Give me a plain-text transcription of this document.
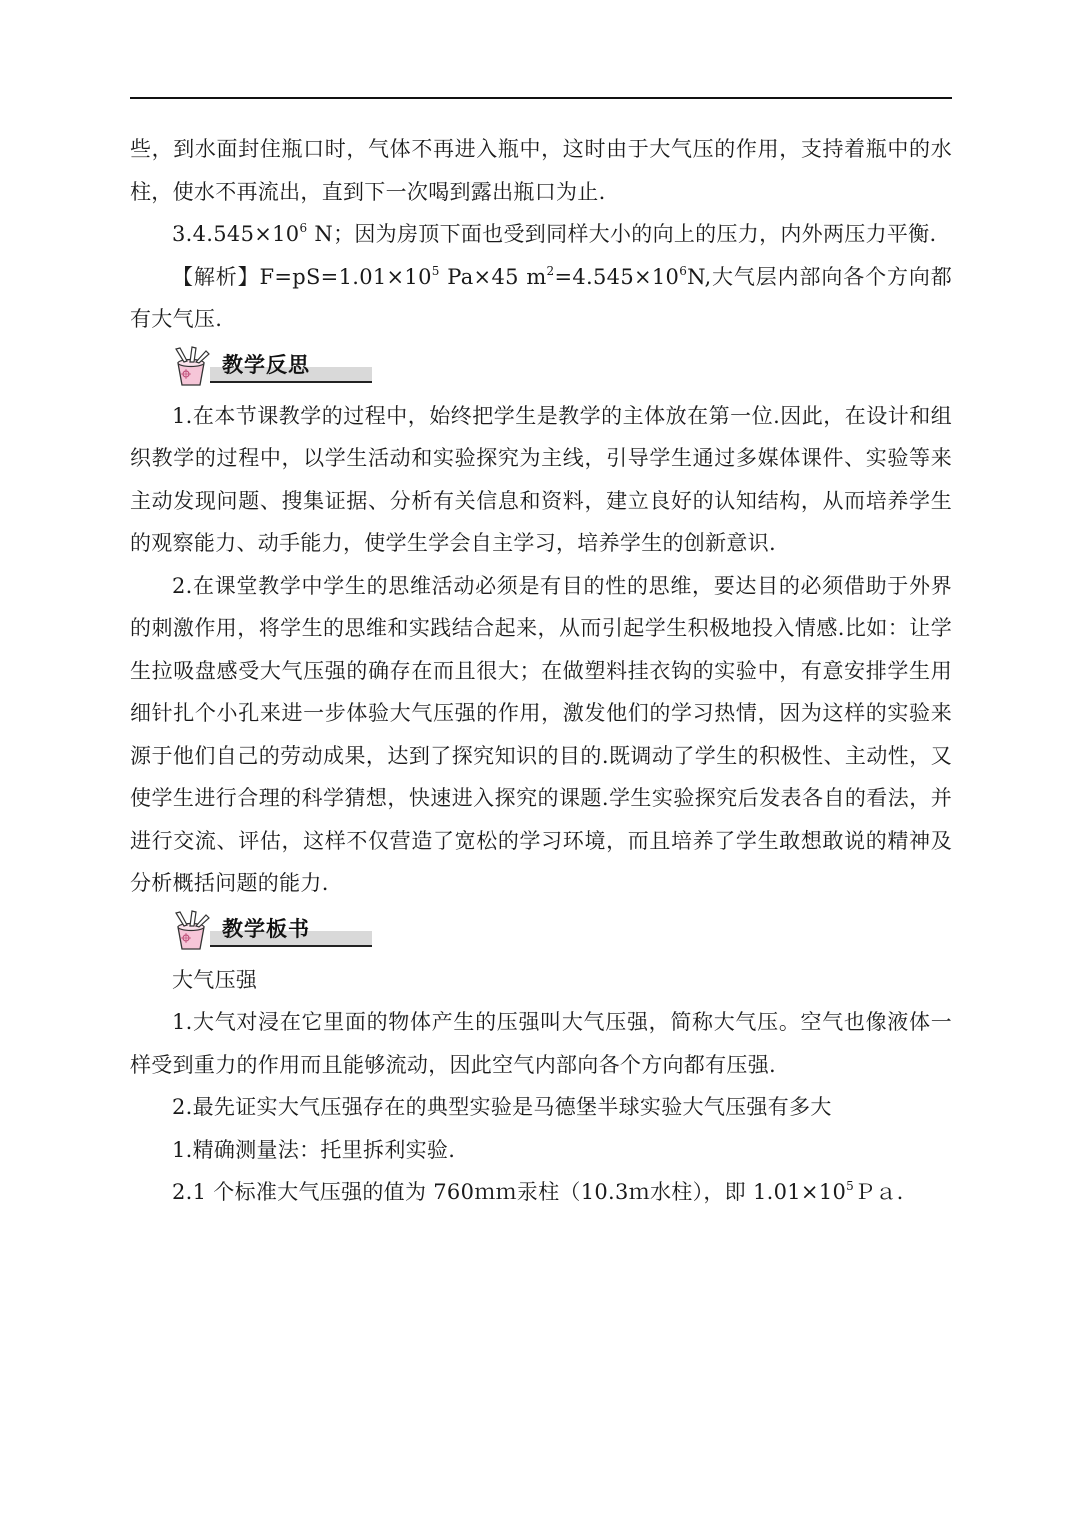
些，到水面封住瓶口时，气体不再进入瓶中，这时由于大气压的作用，支持着瓶中的水柱，使水不再流出，直到下一次喝到露出瓶口为止.

$3.4.545\times 10^6$ N；因为房顶下面也受到同样大小的向上的压力，内外两压力平衡.

【解析】$F=pS=1.01\times 10^5$ Pa×45 $m^2=4.545\times 10^6N$,大气层内部向各个方向都有大气压.

教学反思

1.在本节课教学的过程中，始终把学生是教学的主体放在第一位.因此，在设计和组织教学的过程中，以学生活动和实验探究为主线，引导学生通过多媒体课件、实验等来主动发现问题、搜集证据、分析有关信息和资料，建立良好的认知结构，从而培养学生的观察能力、动手能力，使学生学会自主学习，培养学生的创新意识.

2.在课堂教学中学生的思维活动必须是有目的性的思维，要达目的必须借助于外界的刺激作用，将学生的思维和实践结合起来，从而引起学生积极地投入情感.比如：让学生拉吸盘感受大气压强的确存在而且很大；在做塑料挂衣钩的实验中，有意安排学生用细针扎个小孔来进一步体验大气压强的作用，激发他们的学习热情，因为这样的实验来源于他们自己的劳动成果，达到了探究知识的目的.既调动了学生的积极性、主动性，又使学生进行合理的科学猜想，快速进入探究的课题.学生实验探究后发表各自的看法，并进行交流、评估，这样不仅营造了宽松的学习环境，而且培养了学生敢想敢说的精神及分析概括问题的能力.

教学板书

大气压强

1.大气对浸在它里面的物体产生的压强叫大气压强，简称大气压。空气也像液体一样受到重力的作用而且能够流动，因此空气内部向各个方向都有压强.

2.最先证实大气压强存在的典型实验是马德堡半球实验大气压强有多大

1.精确测量法：托里拆利实验.

2.1 个标准大气压强的值为 760ｍｍ汞柱（10.3ｍ水柱），即 $1.01\times 10^5Pa$.
